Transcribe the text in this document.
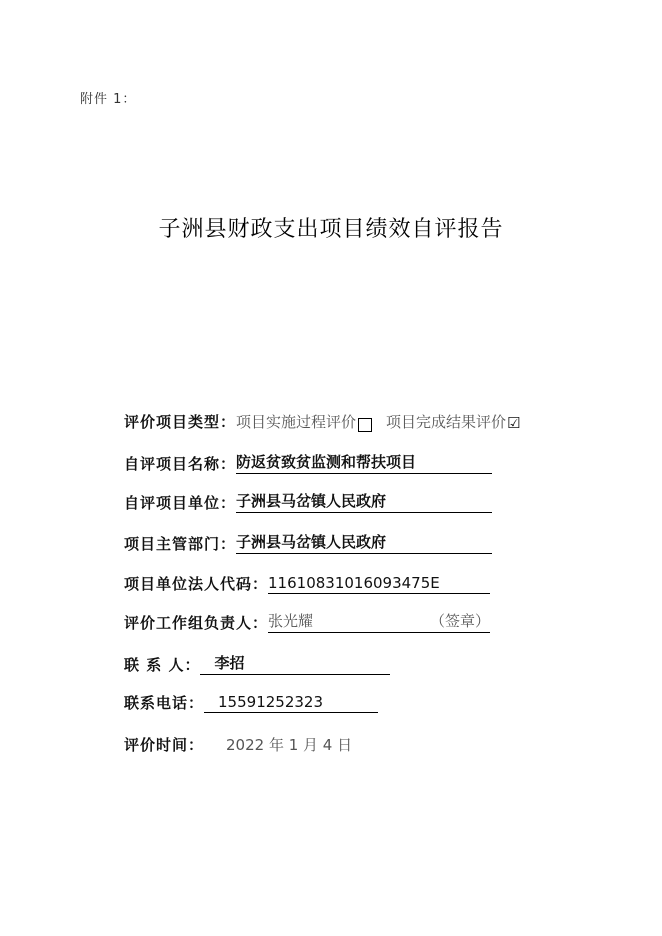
附件 1：
子洲县财政支出项目绩效自评报告
评价项目类型： 项目实施过程评价 项目完成结果评价 ☑
自评项目名称： 防返贫致贫监测和帮扶项目
自评项目单位： 子洲县马岔镇人民政府
项目主管部门： 子洲县马岔镇人民政府
项目单位法人代码： 11610831016093475E
评价工作组负责人： 张光耀	（签章）
联 系 人： 李招
联系电话： 15591252323
评价时间：	2022 年 1 月 4 日
